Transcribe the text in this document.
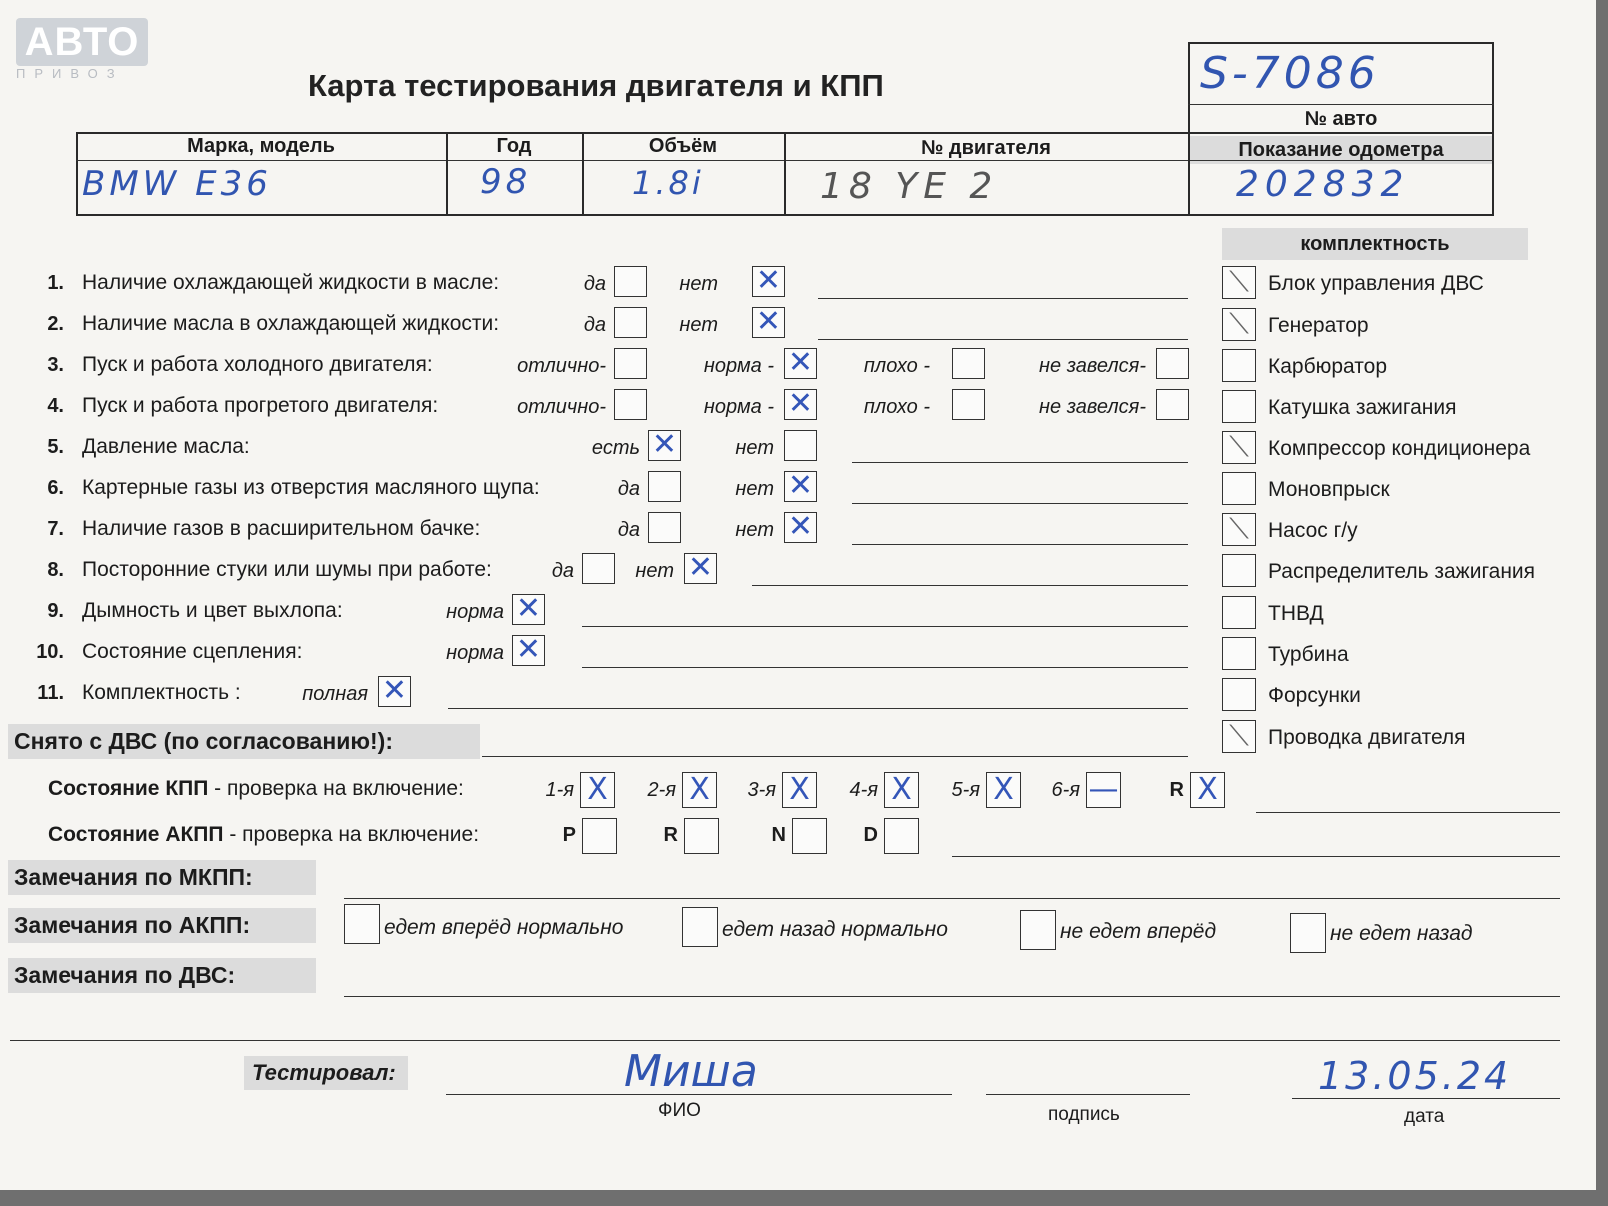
АВТО
ПРИВОЗ	Карта тестирования двигателя и КПП	S-7086
№ авто
Марка, модель	Год	Объём	№ двигателя	Показание одометра
BMW E36	98	1.8i	18 YE 2	202832
комплектность
1. Наличие охлаждающей жидкости в масле:	да	нет ✕
2. Наличие масла в охлаждающей жидкости:	да	нет ✕
3. Пуск и работа холодного двигателя:	отлично-	норма - ✕	плохо -	не завелся-
4. Пуск и работа прогретого двигателя:	отлично-	норма - ✕	плохо -	не завелся-
5. Давление масла:	есть ✕	нет
6. Картерные газы из отверстия масляного щупа:	да	нет ✕
7. Наличие газов в расширительном бачке:	да	нет ✕
8. Посторонние стуки или шумы при работе:	да	нет ✕
9. Дымность и цвет выхлопа:	норма ✕
10. Состояние сцепления:	норма ✕
11. Комплектность :	полная ✕
⟍ Блок управления ДВС
⟍ Генератор
Карбюратор
Катушка зажигания
⟍ Компрессор кондиционера
Моновпрыск
⟍ Насос г/у
Распределитель зажигания
ТНВД
Турбина
Форсунки
⟍ Проводка двигателя
Снято с ДВС (по согласованию!):
Состояние КПП - проверка на включение:	1-я X	2-я X	3-я X	4-я X	5-я X	6-я —	R X
Состояние АКПП - проверка на включение:	P	R	N	D
Замечания по МКПП:
Замечания по АКПП:	едет вперёд нормально	едет назад нормально	не едет вперёд	не едет назад
Замечания по ДВС:
Тестировал:	Миша	13.05.24
ФИО	подпись	дата
